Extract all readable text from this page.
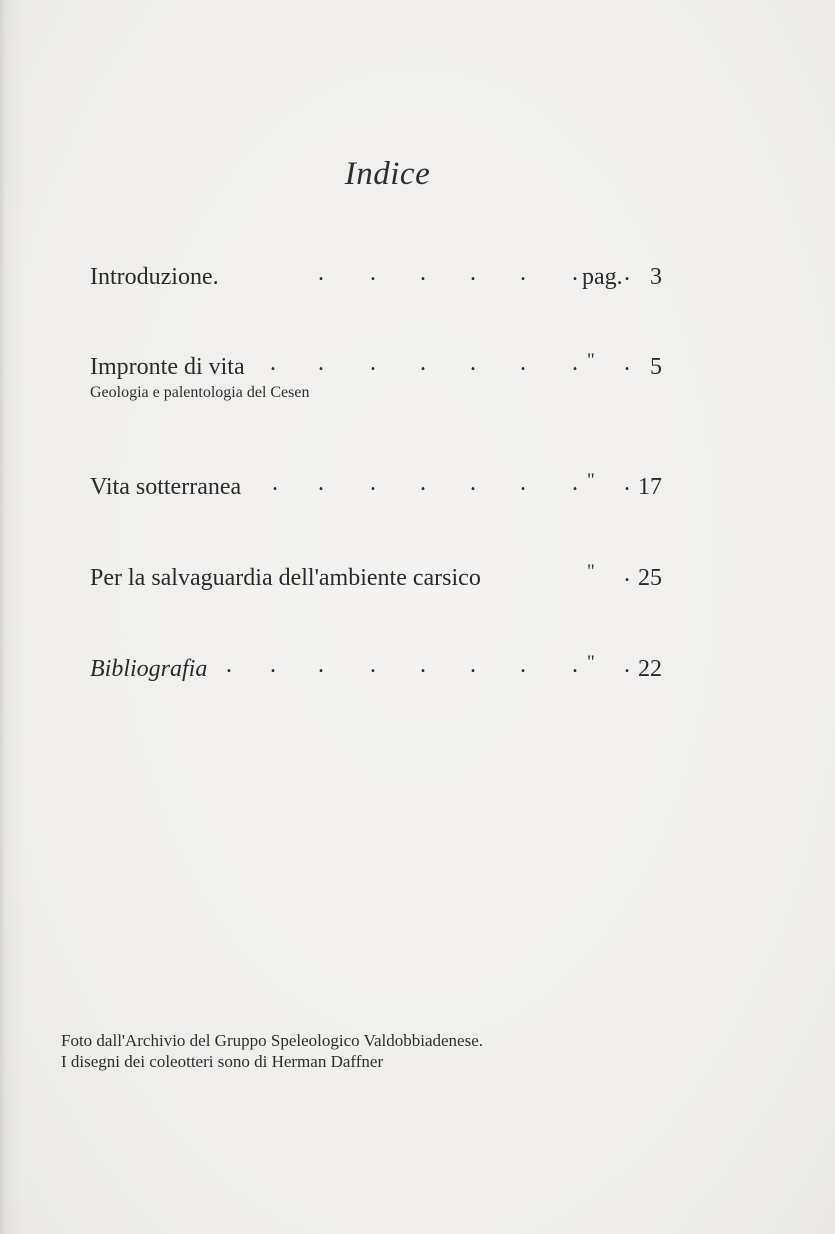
Indice
Introduzione.	. . . . . . .
pag. 3
Impronte di vita . . . . . . . .
" 5
Geologia e palentologia del Cesen
Vita sotterranea . . . . . . . .
" 17
Per la salvaguardia dell'ambiente carsico	.
" 25
Bibliografia . . . . . . . . .
" 22
Foto dall'Archivio del Gruppo Speleologico Valdobbiadenese.
I disegni dei coleotteri sono di Herman Daffner
